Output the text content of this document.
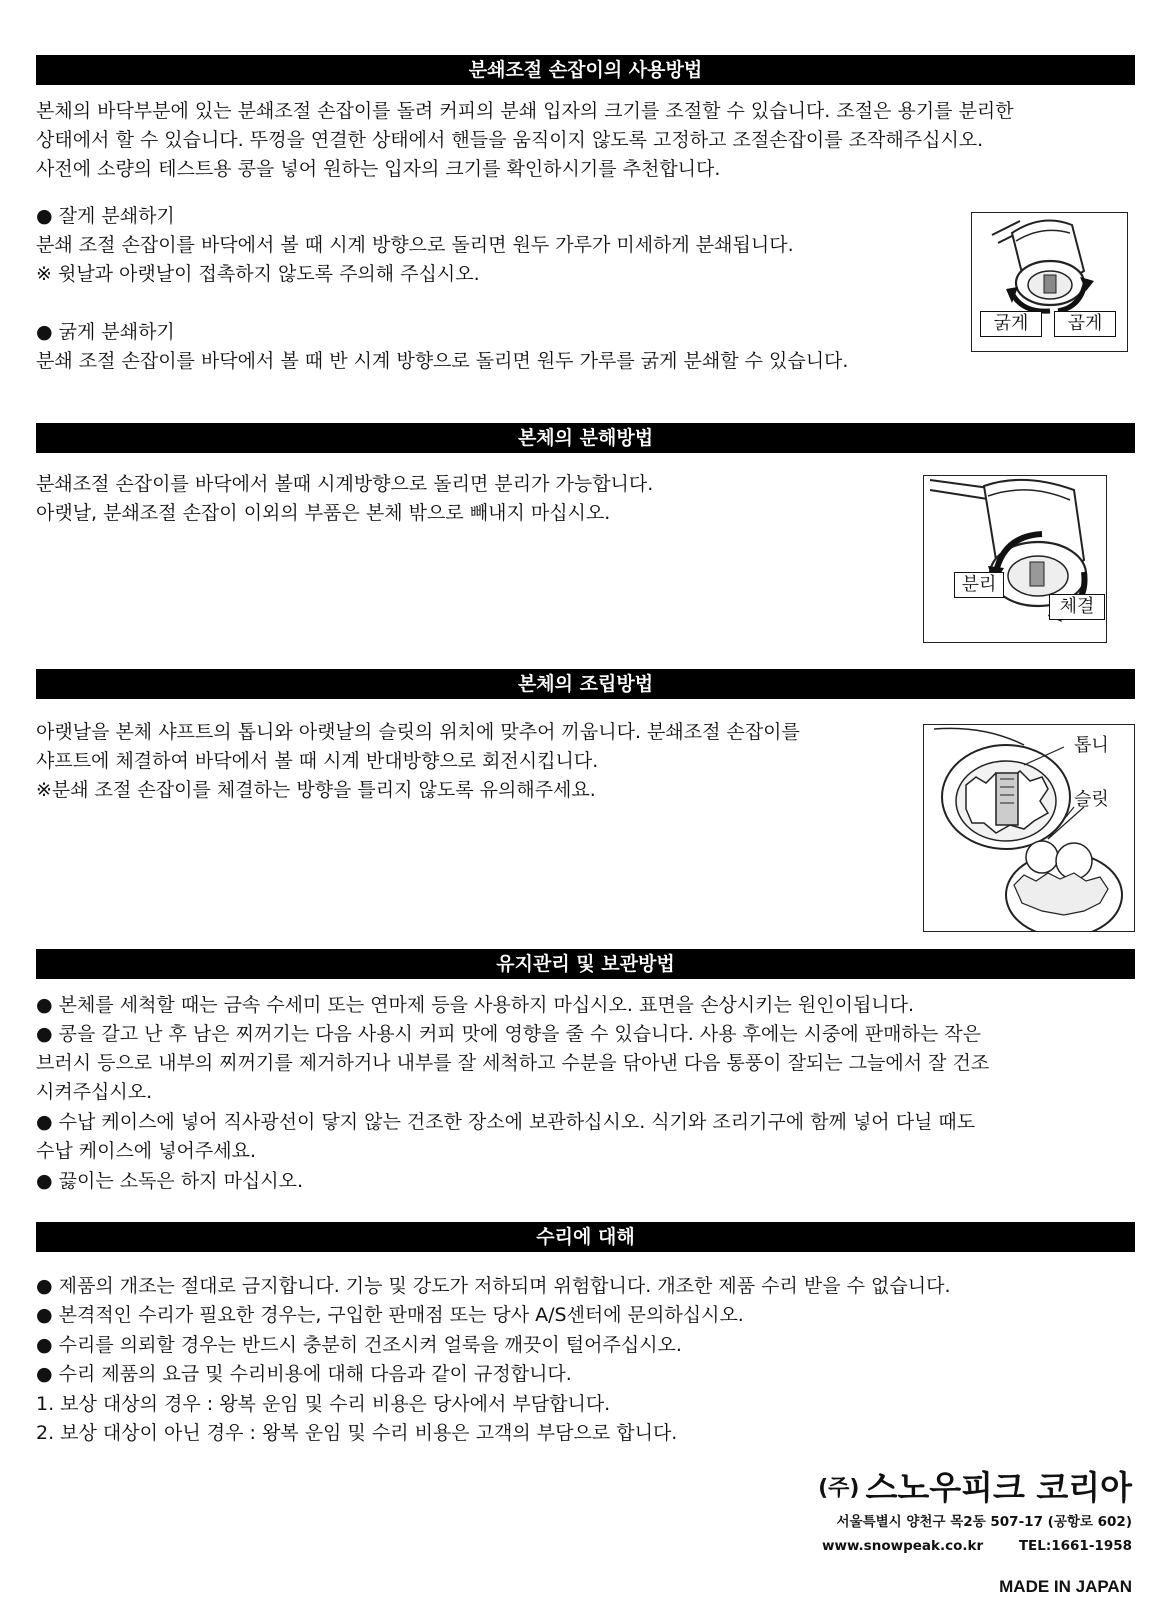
분쇄조절 손잡이의 사용방법
본체의 바닥부분에 있는 분쇄조절 손잡이를 돌려 커피의 분쇄 입자의 크기를 조절할 수 있습니다. 조절은 용기를 분리한
상태에서 할 수 있습니다. 뚜껑을 연결한 상태에서 핸들을 움직이지 않도록 고정하고 조절손잡이를 조작해주십시오.
사전에 소량의 테스트용 콩을 넣어 원하는 입자의 크기를 확인하시기를 추천합니다.
● 잘게 분쇄하기
분쇄 조절 손잡이를 바닥에서 볼 때 시계 방향으로 돌리면 원두 가루가 미세하게 분쇄됩니다.
※ 윗날과 아랫날이 접촉하지 않도록 주의해 주십시오.
● 굵게 분쇄하기
분쇄 조절 손잡이를 바닥에서 볼 때 반 시계 방향으로 돌리면 원두 가루를 굵게 분쇄할 수 있습니다.
굵게	곱게
본체의 분해방법
분쇄조절 손잡이를 바닥에서 볼때 시계방향으로 돌리면 분리가 가능합니다.
아랫날, 분쇄조절 손잡이 이외의 부품은 본체 밖으로 빼내지 마십시오.
분리
체결
본체의 조립방법
아랫날을 본체 샤프트의 톱니와 아랫날의 슬릿의 위치에 맞추어 끼웁니다. 분쇄조절 손잡이를
샤프트에 체결하여 바닥에서 볼 때 시계 반대방향으로 회전시킵니다.
※분쇄 조절 손잡이를 체결하는 방향을 틀리지 않도록 유의해주세요.
톱니
슬릿
유지관리 및 보관방법
● 본체를 세척할 때는 금속 수세미 또는 연마제 등을 사용하지 마십시오. 표면을 손상시키는 원인이됩니다.
● 콩을 갈고 난 후 남은 찌꺼기는 다음 사용시 커피 맛에 영향을 줄 수 있습니다. 사용 후에는 시중에 판매하는 작은
브러시 등으로 내부의 찌꺼기를 제거하거나 내부를 잘 세척하고 수분을 닦아낸 다음 통풍이 잘되는 그늘에서 잘 건조
시켜주십시오.
● 수납 케이스에 넣어 직사광선이 닿지 않는 건조한 장소에 보관하십시오. 식기와 조리기구에 함께 넣어 다닐 때도
수납 케이스에 넣어주세요.
● 끓이는 소독은 하지 마십시오.
수리에 대해
● 제품의 개조는 절대로 금지합니다. 기능 및 강도가 저하되며 위험합니다. 개조한 제품 수리 받을 수 없습니다.
● 본격적인 수리가 필요한 경우는, 구입한 판매점 또는 당사 A/S센터에 문의하십시오.
● 수리를 의뢰할 경우는 반드시 충분히 건조시켜 얼룩을 깨끗이 털어주십시오.
● 수리 제품의 요금 및 수리비용에 대해 다음과 같이 규정합니다.
1. 보상 대상의 경우 : 왕복 운임 및 수리 비용은 당사에서 부담합니다.
2. 보상 대상이 아닌 경우 : 왕복 운임 및 수리 비용은 고객의 부담으로 합니다.
(주) 스노우피크 코리아
서울특별시 양천구 목2동 507-17 (공항로 602)
www.snowpeak.co.kr	TEL:1661-1958
MADE IN JAPAN
